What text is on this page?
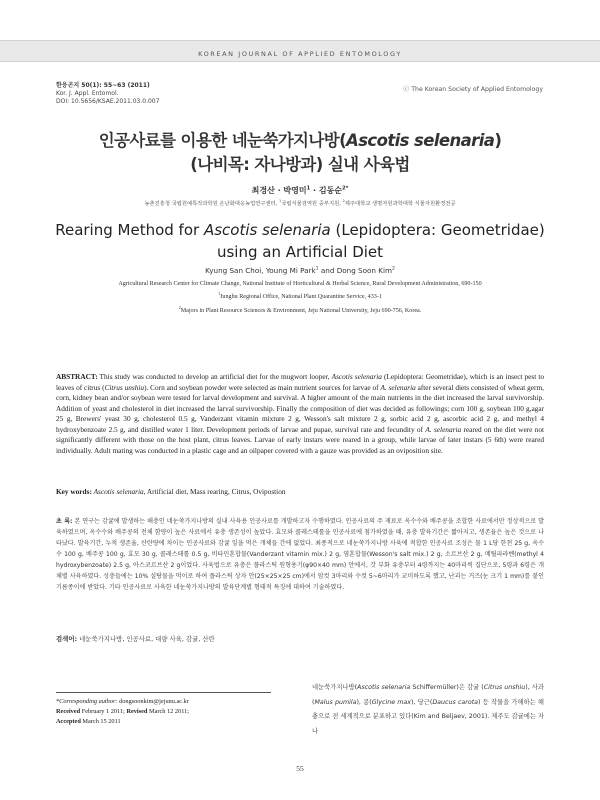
KOREAN JOURNAL OF APPLIED ENTOMOLOGY
한응곤지 50(1): 55~63 (2011)
Kor. J. Appl. Entomol.
DOI: 10.5656/KSAE.2011.03.0.007
ⓒ The Korean Society of Applied Entomology
인공사료를 이용한 네눈쑥가지나방(Ascotis selenaria)
(나비목: 자나방과) 실내 사육법
최경산 · 박영미$^1$ · 김동순$^{2*}$
농촌진흥청 국립원예특작과학원 온난화대응농업연구센터, $^1$국립식물검역원 중부지원, $^2$제주대학교 생명자원과학대학 식물자원환경전공
Rearing Method for Ascotis selenaria (Lepidoptera: Geometridae)
using an Artificial Diet
Kyung San Choi, Young Mi Park$^1$ and Dong Soon Kim$^2$
Agricultural Research Center for Climate Change, National Institute of Horticultural & Herbal Science, Rural Development Administration, 690-150
$^1$Jungbu Regional Office, National Plant Quarantine Service, 433-1
$^2$Majors in Plant Resource Sciences & Environment, Jeju National University, Jeju 690-756, Korea.
ABSTRACT: This study was conducted to develop an artificial diet for the mugwort looper, Ascotis selenaria (Lepidoptera: Geometridae), which is an insect pest to leaves of citrus (Citrus unshiu). Corn and soybean powder were selected as main nutrient sources for larvae of A. selenaria after several diets consisted of wheat germ, corn, kidney bean and/or soybean were tested for larval development and survival. A higher amount of the main nutrients in the diet increased the larval survivorship. Addition of yeast and cholesterol in diet increased the larval survivorship. Finally the composition of diet was decided as followings; corn 100 g, soybean 100 g,agar 25 g, Brewers' yeast 30 g, cholesterol 0.5 g, Vanderzant vitamin mixture 2 g, Wesson's salt mixture 2 g, sorbic acid 2 g, ascorbic acid 2 g, and methyl 4 hydroxybenzoate 2.5 g, and distilled water 1 liter. Development periods of larvae and pupae, survival rate and fecundity of A. selenaria reared on the diet were not significantly different with those on the host plant, citrus leaves. Larvae of early instars were reared in a group, while larvae of later instars (5 6th) were reared individually. Adult mating was conducted in a plastic cage and an oilpaper covered with a gauze was provided as an oviposition site.
Key words: Ascotis selenaria, Artificial diet, Mass rearing, Citrus, Ovipostion
초 록: 본 연구는 감귤에 발생하는 해충인 네눈쑥가지나방의 실내 사육용 인공사료를 개발하고자 수행하였다. 인공사료의 주 재료로 옥수수와 배주콩을 조합한 사료에서만 정상적으로 발육하였으며, 옥수수와 배주콩의 전체 함량이 높은 사료에서 유충 생존성이 높았다. 효모와 콜레스테롤을 인공사료에 첨가하였을 때, 유충 발육기간은 짧아지고, 생존율은 높은 것으로 나타났다. 발육기간, 누적 생존율, 산란량에 차이는 인공사료와 감귤 잎을 먹은 개체들 간에 없었다. 최종적으로 네눈쑥가지나방 사육에 적합한 인공사료 조성은 물 1 L당 한천 25 g, 옥수수 100 g, 배주콩 100 g, 효모 30 g, 콜레스테롤 0.5 g, 비타민혼합물(Vanderzant vitamin mix.) 2 g, 염혼합물(Wesson's salt mix.) 2 g, 소르브산 2 g, 메틸파라벤(methyl 4 hydroxybenzoate) 2.5 g, 아스코르브산 2 g이었다. 사육법으로 유충은 플라스틱 원형용기(φ90×40 mm) 안에서, 갓 부화 유충부터 4령까지는 40마리씩 집단으로, 5령과 6령은 개체별 사육하였다. 성충들에는 10% 설탕물을 먹이로 하여 플라스틱 상자 안(25×25×25 cm)에서 암컷 3마리와 수컷 5~6마리가 교미하도록 했고, 난괴는 거즈(눈 크기 1 mm)를 붙인 기름종이에 받았다. 기타 인공사료로 사육한 네눈쑥가지나방의 발육단계별 형태적 특징에 대하여 기술하였다.
검색어: 네눈쑥가지나방, 인공사료, 대량 사육, 감귤, 산란
*Corresponding author: dongsoonkim@jejunu.ac.kr
Received February 1 2011; Revised March 12 2011;
Accepted March 15 2011
네눈쑥가지나방(Ascotis selenaria Schiffermüller)은 감귤 (Citrus unshiu), 사과(Malus pumila), 콩(Glycine max), 당근(Daucus carota) 등 작물을 가해하는 해충으로 전 세계적으로 분포하고 있다(Kim and Beljaev, 2001). 제주도 감귤에는 자나
55
